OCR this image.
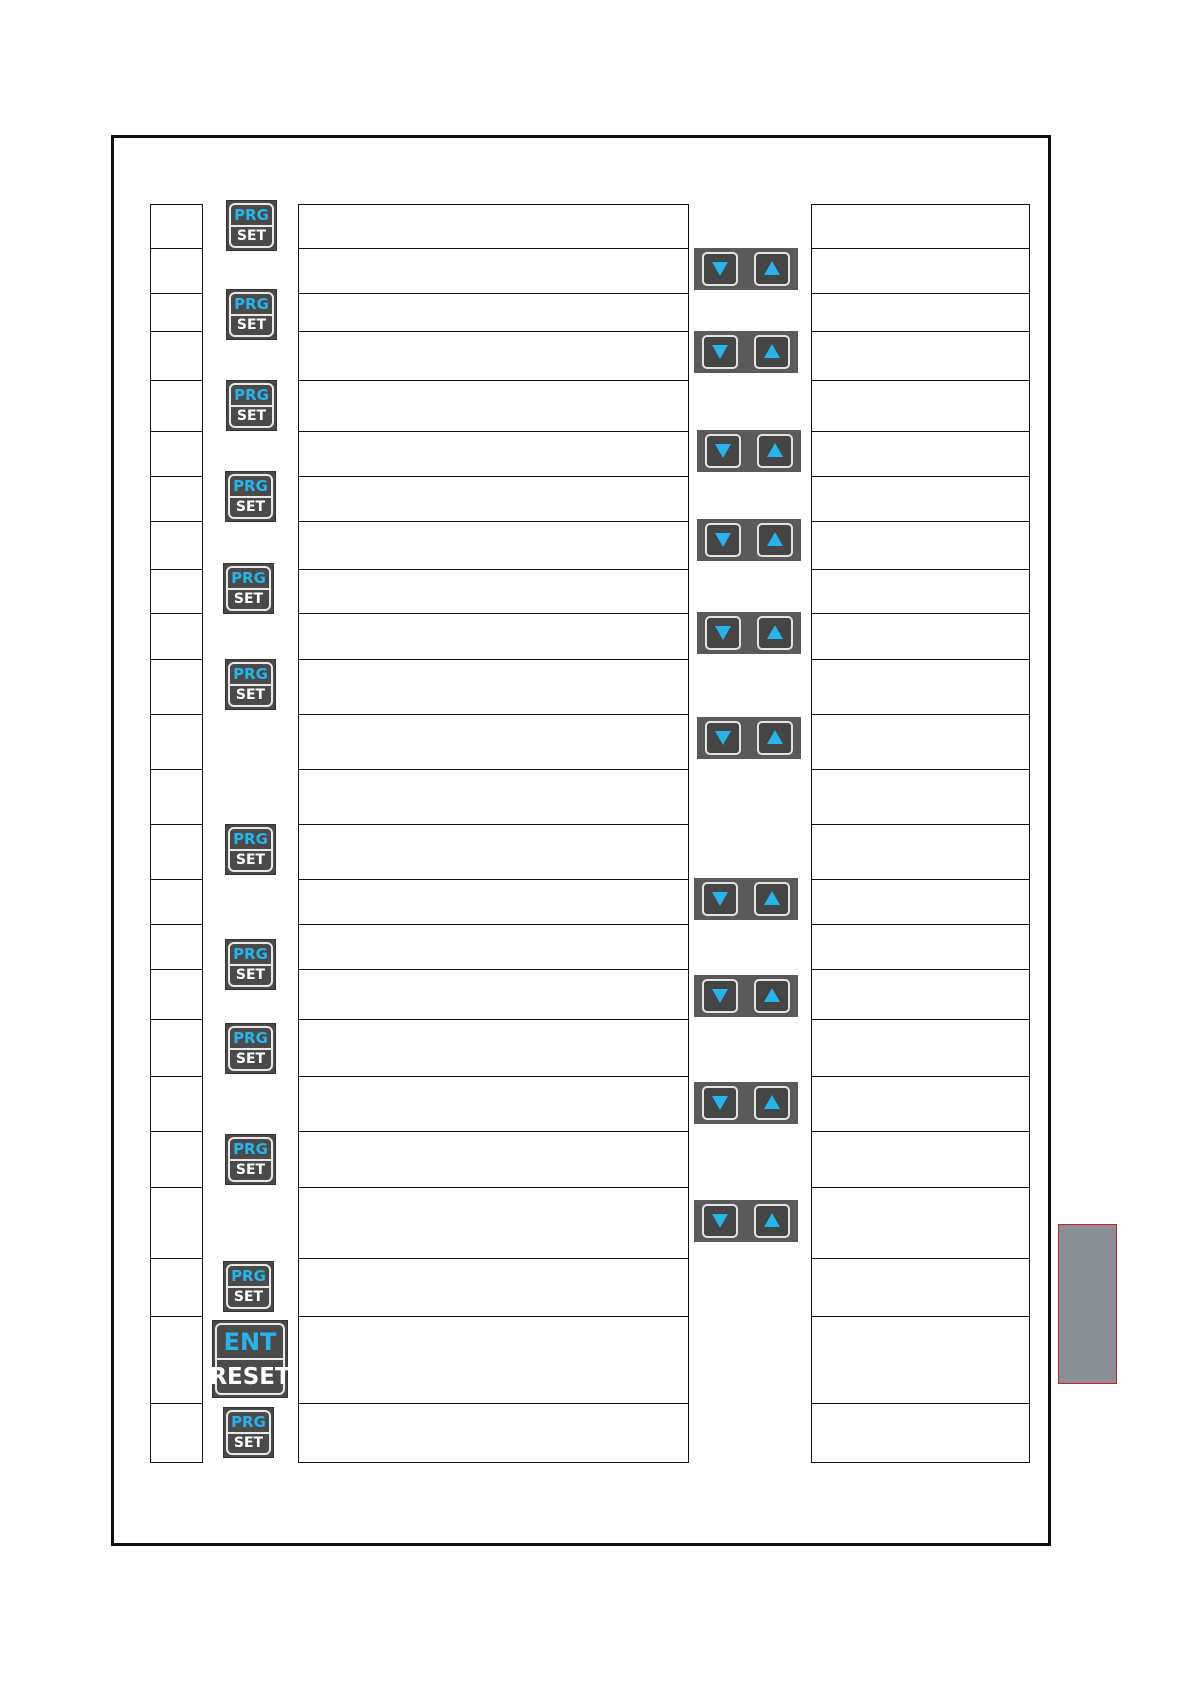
PRG
SET
PRG
SET
PRG
SET
PRG
SET
PRG
SET
PRG
SET
PRG
SET
PRG
SET
PRG
SET
PRG
SET
PRG
SET
PRG
SET
ENT
RESET
